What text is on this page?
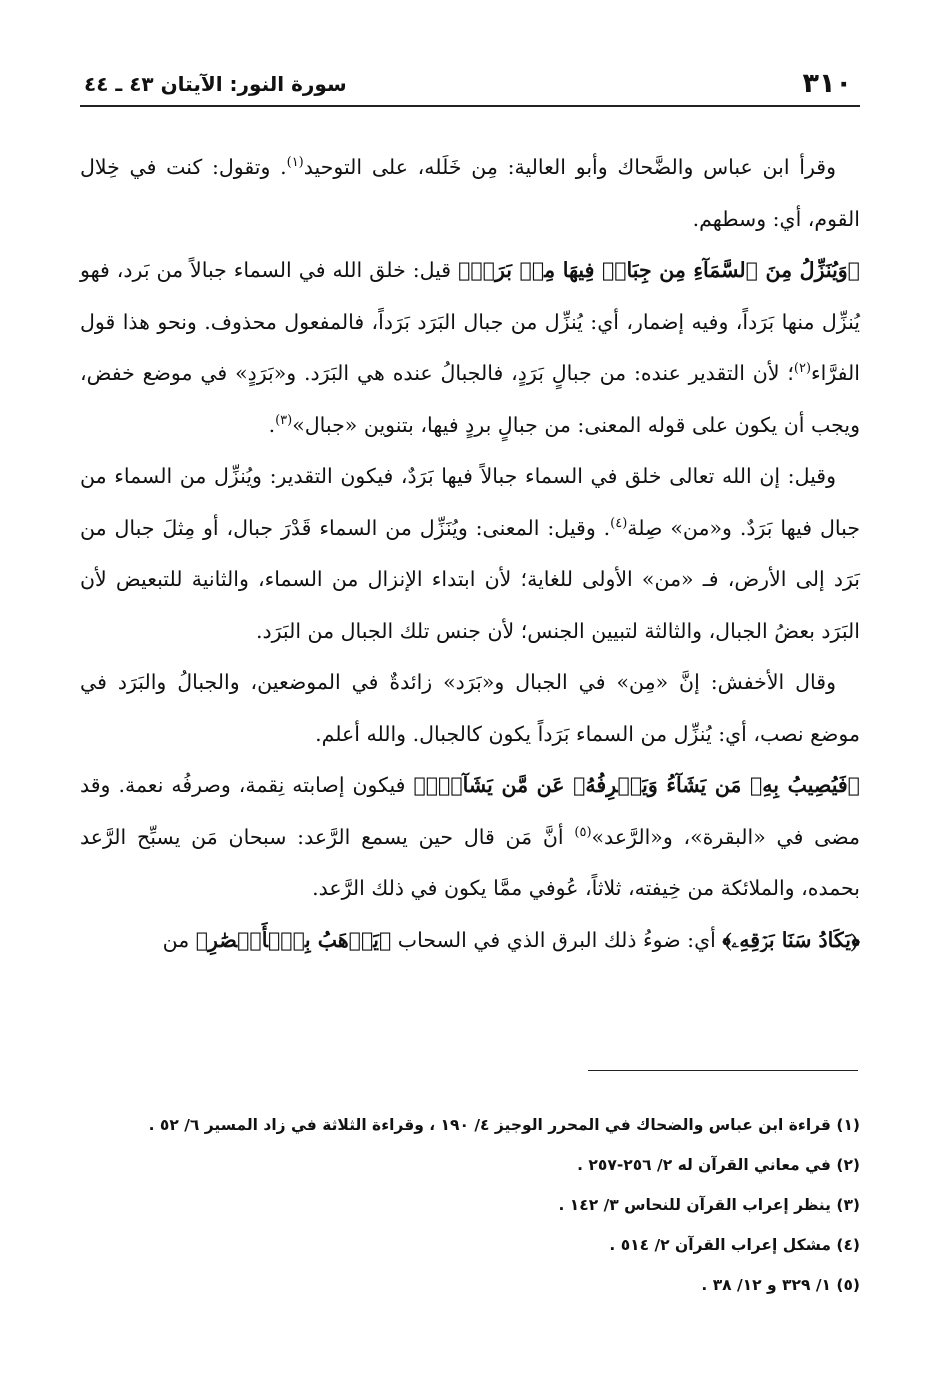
٣١٠
سورة النور: الآيتان ٤٣ ـ ٤٤

وقرأ ابن عباس والضَّحاك وأبو العالية: مِن خَلَله، على التوحيد$^{(١)}$. وتقول: كنت في خِلال القوم، أي: وسطهم.

﴿وَيُنَزِّلُ مِنَ ٱلسَّمَآءِ مِن جِبَالٖ فِيهَا مِنۢ بَرَدٖ﴾ قيل: خلق الله في السماء جبالاً من بَرد، فهو يُنزِّل منها بَرَداً، وفيه إضمار، أي: يُنزِّل من جبال البَرَد بَرَداً، فالمفعول محذوف. ونحو هذا قول الفرَّاء$^{(٢)}$؛ لأن التقدير عنده: من جبالٍ بَرَدٍ، فالجبالُ عنده هي البَرَد. و«بَرَدٍ» في موضع خفض، ويجب أن يكون على قوله المعنى: من جبالٍ بردٍ فيها، بتنوين «جبال»$^{(٣)}$.

وقيل: إن الله تعالى خلق في السماء جبالاً فيها بَرَدٌ، فيكون التقدير: ويُنزِّل من السماء من جبال فيها بَرَدٌ. و«من» صِلة$^{(٤)}$. وقيل: المعنى: ويُنَزِّل من السماء قَدْرَ جبال، أو مِثلَ جبال من بَرَد إلى الأرض، فـ «من» الأولى للغاية؛ لأن ابتداء الإنزال من السماء، والثانية للتبعيض لأن البَرَد بعضُ الجبال، والثالثة لتبيين الجنس؛ لأن جنس تلك الجبال من البَرَد.

وقال الأخفش: إنَّ «مِن» في الجبال و«بَرَد» زائدةٌ في الموضعين، والجبالُ والبَرَد في موضع نصب، أي: يُنزِّل من السماء بَرَداً يكون كالجبال. والله أعلم.

﴿فَيُصِيبُ بِهِۦ مَن يَشَآءُ وَيَصۡرِفُهُۥ عَن مَّن يَشَآءُۖ﴾ فيكون إصابته نِقمة، وصرفُه نعمة. وقد مضى في «البقرة»، و«الرَّعد»$^{(٥)}$ أنَّ مَن قال حين يسمع الرَّعد: سبحان مَن يسبِّح الرَّعد بحمده، والملائكة من خِيفته، ثلاثاً، عُوفي ممَّا يكون في ذلك الرَّعد.

﴿يَكَادُ سَنَا بَرۡقِهِۦ﴾ أي: ضوءُ ذلك البرق الذي في السحاب ﴿يَذۡهَبُ بِٱلۡأَبۡصَٰرِ﴾ من

(١) قراءة ابن عباس والضحاك في المحرر الوجيز ٤/ ١٩٠ ، وقراءة الثلاثة في زاد المسير ٦/ ٥٢ .

(٢) في معاني القرآن له ٢/ ٢٥٦-٢٥٧ .

(٣) ينظر إعراب القرآن للنحاس ٣/ ١٤٢ .

(٤) مشكل إعراب القرآن ٢/ ٥١٤ .

(٥) ١/ ٣٢٩ و ١٢/ ٣٨ .
